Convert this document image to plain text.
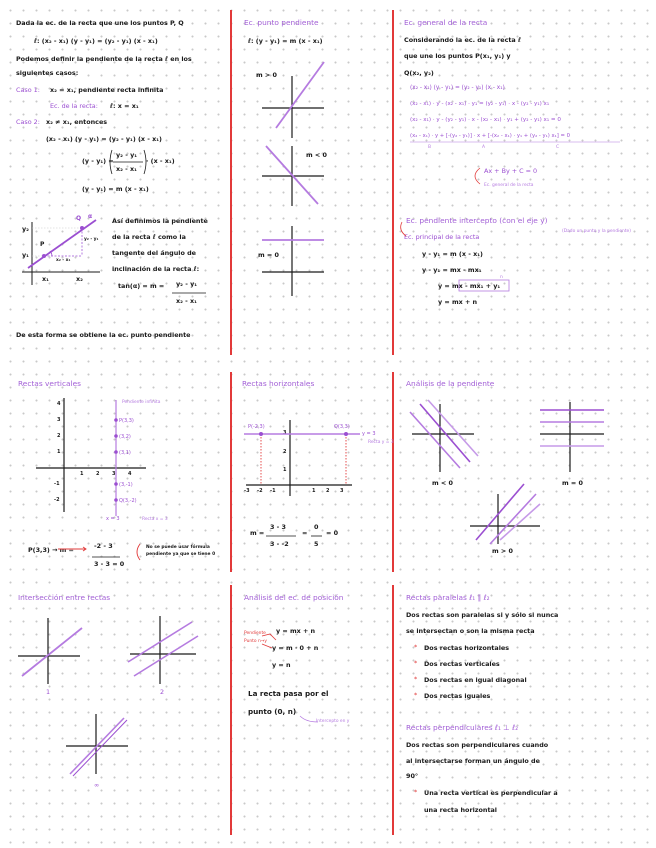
Dada la ec. de la recta que une los puntos P, Q
ℓ: (x₂ - x₁) (y - y₁) = (y₂ - y₁) (x - x₁)
Podemos definir la pendiente de la recta ℓ en los
siguientes casos:
Caso 1: x₂ = x₁, pendiente recta infinita
Ec. de la recta: ℓ: x = x₁
Caso 2: x₂ ≠ x₁, entonces
(x₂ - x₁) (y - y₁) = (y₂ - y₁) (x - x₁)
(y - y₁) =
y₂ - y₁
x₂ - x₁
· (x - x₁)
(y - y₁) = m (x - x₁)
Q α
P
y₂
y₁
y₂ - y₁
x₂ - x₁
x₁	x₂
Así definimos la pendiente
de la recta ℓ como la
tangente del ángulo de
inclinación de la recta ℓ:
tan(α) = m = y₂ - y₁
x₂ - x₁
De esta forma se obtiene la ec. punto pendiente
Ec. punto pendiente
ℓ: (y - y₁) = m (x - x₁)
m > 0
m < 0
m = 0
Ec. general de la recta
Considerando la ec. de la recta ℓ
que une los puntos P(x₁, y₁) y
Q(x₂, y₂)
(x₂ - x₁) (y - y₁) = (y₂ - y₁) (x - x₁)
(x₂ - x₁) · y - (x₂ - x₁) · y₁ = (y₂ - y₁) · x - (y₂ - y₁) x₁
(x₂ - x₁) · y - (y₂ - y₁) · x - (x₂ - x₁) · y₁ + (y₂ - y₁) x₁ = 0
(x₂ - x₁) · y + [-(y₂ - y₁)] · x + [-(x₂ - x₁) · y₁ + (y₂ - y₁) x₁] = 0
B	A	C
Ax + By + C = 0
Ec. general de la recta
Ec. pendiente intercepto (con el eje y)
(Dado un punto y la pendiente)
Ec. principal de la recta
y - y₁ = m (x - x₁)
y - y₁ = mx - mx₁
y = mx - mx₁ + y₁
n
y = mx + n
Rectas verticales
4
3
2
1
-1
-2
1	2	3	4
Pendiente infinita
P(3,3)
(3,2)
(3,1)
(3,-1)
Q(3,-2)
x = 3	Recta x = 3
P(3,3) → m =	-2 - 3
3 - 3 = 0
No se puede usar fórmula
pendiente ya que se tiene 0
Rectas horizontales
P(-2,3)	Q(3,3)
y = 3
Recta y = 3
3
2
1
-3 -2 -1	1 2 3
m =
3 - 3
3 - -2
=
0
5
= 0
Análisis de la pendiente
m < 0	m = 0
m > 0
Intersección entre rectas
1	2
∞
Análisis del ec. de posición
Pendiente
Punto n→y
y = mx + n
y = m · 0 + n
y = n
La recta pasa por el
punto (0, n)
Intercepto en y
Rectas paralelas ℓ₁ ∥ ℓ₂
Dos rectas son paralelas si y sólo si nunca
se intersectan o son la misma recta
* Dos rectas horizontales
* Dos rectas verticales
* Dos rectas en igual diagonal
* Dos rectas iguales
Rectas perpendiculares ℓ₁ ⊥ ℓ₂
Dos rectas son perpendiculares cuando
al intersectarse forman un ángulo de
90°
* Una recta vertical es perpendicular a
una recta horizontal
